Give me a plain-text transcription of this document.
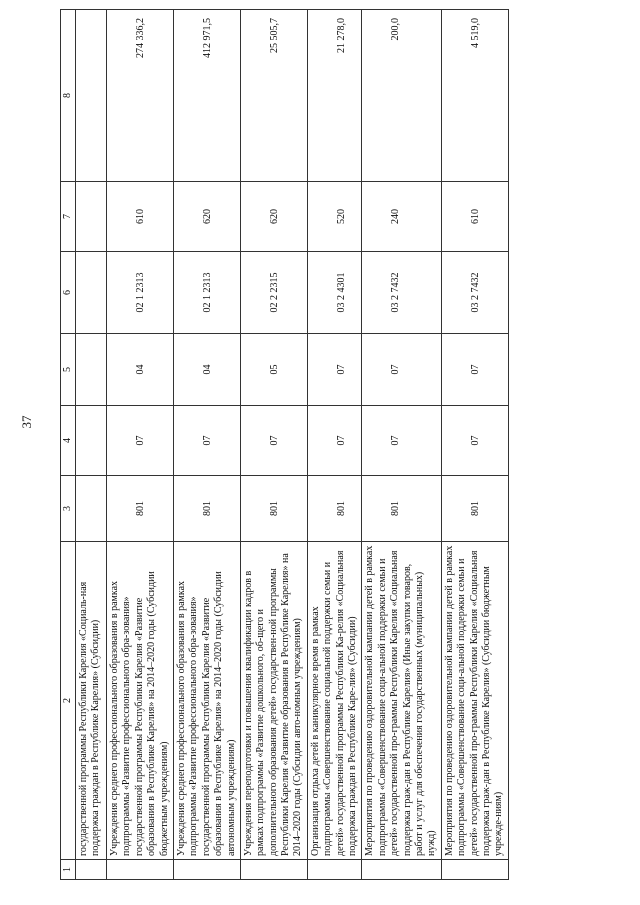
37
1	2	3	4	5	6	7	8
	государственной программы Республики Карелия «Социаль-ная поддержка граждан в Республике Карелия» (Субсидии)						
	Учреждения среднего профессионального образования в рамках подпрограммы «Развитие профессионального обра-зования» государственной программы Республики Карелия «Развитие образования в Республике Карелия» на 2014–2020 годы (Субсидии бюджетным учреждениям)	801	07	04	02 1 2313	610	274 336,2
	Учреждения среднего профессионального образования в рамках подпрограммы «Развитие профессионального обра-зования» государственной программы Республики Карелия «Развитие образования в Республике Карелия» на 2014–2020 годы (Субсидии автономным учреждениям)	801	07	04	02 1 2313	620	412 971,5
	Учреждения переподготовки и повышения квалификации кадров в рамках подпрограммы «Развитие дошкольного, об-щего и дополнительного образования детей» государствен-ной программы Республики Карелия «Развитие образования в Республике Карелия» на 2014–2020 годы (Субсидии авто-номным учреждениям)	801	07	05	02 2 2315	620	25 505,7
	Организация отдыха детей в каникулярное время в рамках подпрограммы «Совершенствование социальной поддержки семьи и детей» государственной программы Республики Ка-релия «Социальная поддержка граждан в Республике Каре-лия» (Субсидии)	801	07	07	03 2 4301	520	21 278,0
	Мероприятия по проведению оздоровительной кампании детей в рамках подпрограммы «Совершенствование соци-альной поддержки семьи и детей» государственной про-граммы Республики Карелия «Социальная поддержка граж-дан в Республике Карелия» (Иные закупки товаров, работ и услуг для обеспечения государственных (муниципальных) нужд)	801	07	07	03 2 7432	240	200,0
	Мероприятия по проведению оздоровительной кампании детей в рамках подпрограммы «Совершенствование соци-альной поддержки семьи и детей» государственной про-граммы Республики Карелия «Социальная поддержка граж-дан в Республике Карелия» (Субсидии бюджетным учрежде-ниям)	801	07	07	03 2 7432	610	4 519,0
